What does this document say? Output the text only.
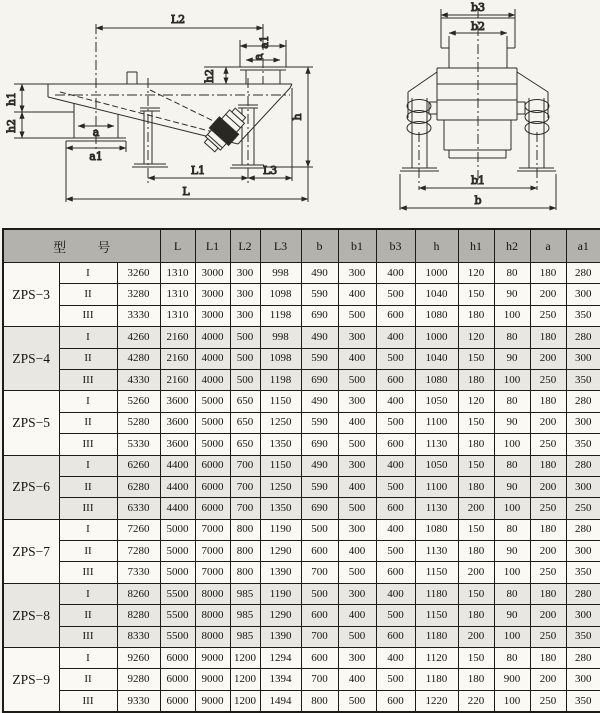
L2
a1
a
h2
h1
h2	a
a1
h
L1	L3
L
b3
b2
b1
b
型 号			L	L1	L2	L3	b	b1	b3	h	h1	h2	a	a1
ZPS−3	I	3260	1310	3000	300	998	490	300	400	1000	120	80	180	280
	II	3280	1310	3000	300	1098	590	400	500	1040	150	90	200	300
	III	3330	1310	3000	300	1198	690	500	600	1080	180	100	250	350
ZPS−4	I	4260	2160	4000	500	998	490	300	400	1000	120	80	180	280
	II	4280	2160	4000	500	1098	590	400	500	1040	150	90	200	300
	III	4330	2160	4000	500	1198	690	500	600	1080	180	100	250	350
ZPS−5	I	5260	3600	5000	650	1150	490	300	400	1050	120	80	180	280
	II	5280	3600	5000	650	1250	590	400	500	1100	150	90	200	300
	III	5330	3600	5000	650	1350	690	500	600	1130	180	100	250	350
ZPS−6	I	6260	4400	6000	700	1150	490	300	400	1050	150	80	180	280
	II	6280	4400	6000	700	1250	590	400	500	1100	180	90	200	300
	III	6330	4400	6000	700	1350	690	500	600	1130	200	100	250	250
ZPS−7	I	7260	5000	7000	800	1190	500	300	400	1080	150	80	180	280
	II	7280	5000	7000	800	1290	600	400	500	1130	180	90	200	300
	III	7330	5000	7000	800	1390	700	500	600	1150	200	100	250	350
ZPS−8	I	8260	5500	8000	985	1190	500	300	400	1180	150	80	180	280
	II	8280	5500	8000	985	1290	600	400	500	1150	180	90	200	300
	III	8330	5500	8000	985	1390	700	500	600	1180	200	100	250	350
ZPS−9	I	9260	6000	9000	1200	1294	600	300	400	1120	150	80	180	280
	II	9280	6000	9000	1200	1394	700	400	500	1180	180	900	200	300
	III	9330	6000	9000	1200	1494	800	500	600	1220	220	100	250	350
